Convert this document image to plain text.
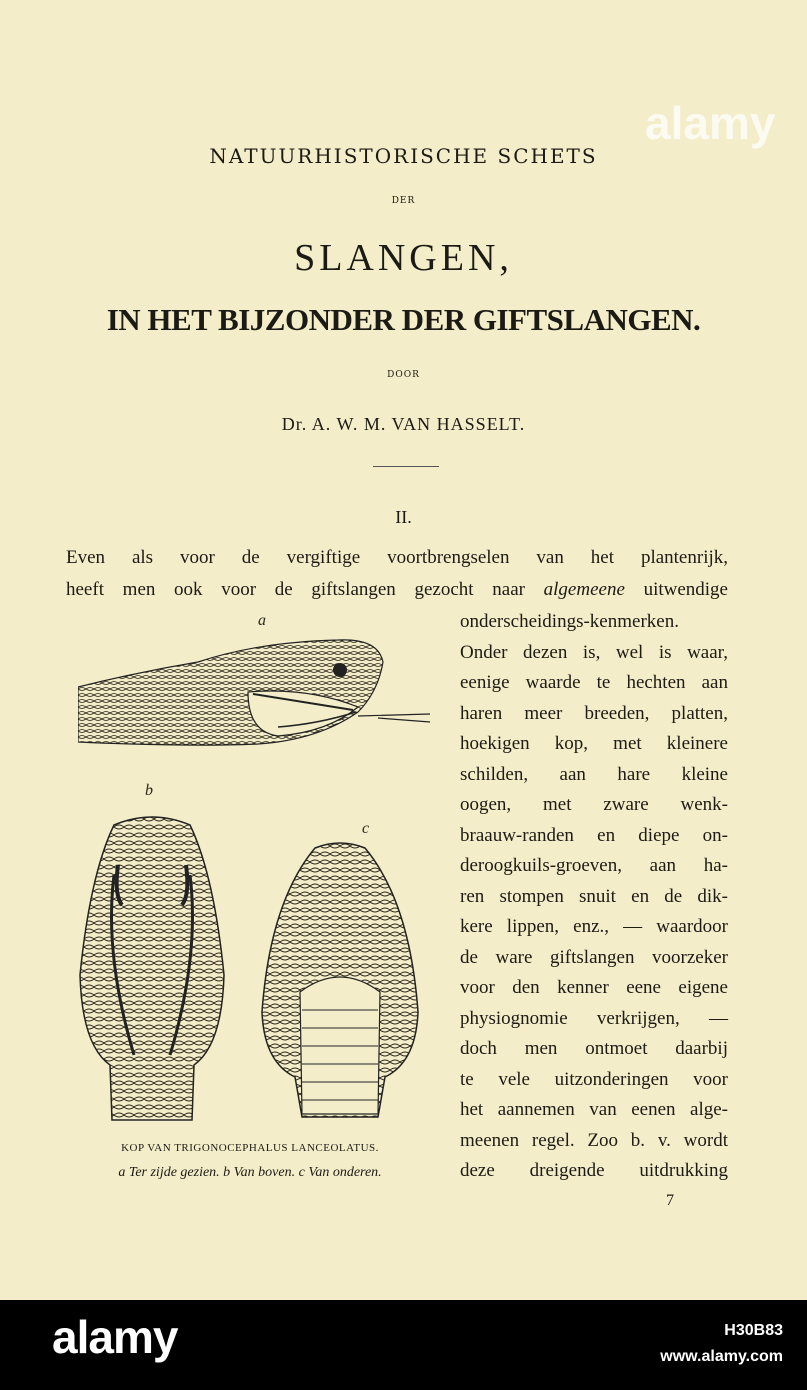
NATUURHISTORISCHE SCHETS
DER
SLANGEN,
IN HET BIJZONDER DER GIFTSLANGEN.
DOOR
Dr. A. W. M. VAN HASSELT.
II.
Even als voor de vergiftige voortbrengselen van het plantenrijk,
heeft men ook voor de giftslangen gezocht naar algemeene uitwendige
onderscheidings-kenmerken.
Onder dezen is, wel is waar,
eenige waarde te hechten aan
haren meer breeden, platten,
hoekigen kop, met kleinere
schilden, aan hare kleine
oogen, met zware wenk-
braauw-randen en diepe on-
deroogkuils-groeven, aan ha-
ren stompen snuit en de dik-
kere lippen, enz., — waardoor
de ware giftslangen voorzeker
voor den kenner eene eigene
physiognomie verkrijgen, —
doch men ontmoet daarbij
te vele uitzonderingen voor
het aannemen van eenen alge-
meenen regel. Zoo b. v. wordt
deze dreigende uitdrukking
a
b
c
KOP VAN TRIGONOCEPHALUS LANCEOLATUS.
a Ter zijde gezien. b Van boven. c Van onderen.
7
alamy
alamy	H30B83
www.alamy.com
